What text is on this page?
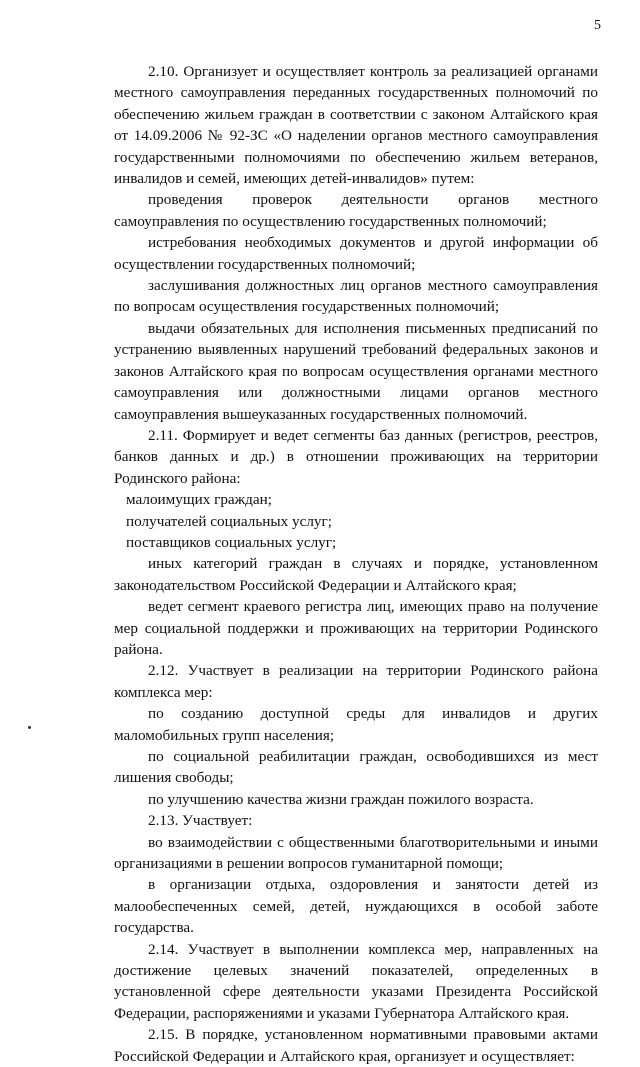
5

2.10. Организует и осуществляет контроль за реализацией органами местного самоуправления переданных государственных полномочий по обеспечению жильем граждан в соответствии с законом Алтайского края от 14.09.2006 № 92-ЗС «О наделении органов местного самоуправления государственными полномочиями по обеспечению жильем ветеранов, инвалидов и семей, имеющих детей-инвалидов» путем:

проведения проверок деятельности органов местного самоуправления по осуществлению государственных полномочий;

истребования необходимых документов и другой информации об осуществлении государственных полномочий;

заслушивания должностных лиц органов местного самоуправления по вопросам осуществления государственных полномочий;

выдачи обязательных для исполнения письменных предписаний по устранению выявленных нарушений требований федеральных законов и законов Алтайского края по вопросам осуществления органами местного самоуправления или должностными лицами органов местного самоуправления вышеуказанных государственных полномочий.

2.11. Формирует и ведет сегменты баз данных (регистров, реестров, банков данных и др.) в отношении проживающих на территории Родинского района:

малоимущих граждан;

получателей социальных услуг;

поставщиков социальных услуг;

иных категорий граждан в случаях и порядке, установленном законодательством Российской Федерации и Алтайского края;

ведет сегмент краевого регистра лиц, имеющих право на получение мер социальной поддержки и проживающих на территории Родинского района.

2.12. Участвует в реализации на территории Родинского района комплекса мер:

по созданию доступной среды для инвалидов и других маломобильных групп населения;

по социальной реабилитации граждан, освободившихся из мест лишения свободы;

по улучшению качества жизни граждан пожилого возраста.

2.13. Участвует:

во взаимодействии с общественными благотворительными и иными организациями в решении вопросов гуманитарной помощи;

в организации отдыха, оздоровления и занятости детей из малообеспеченных семей, детей, нуждающихся в особой заботе государства.

2.14. Участвует в выполнении комплекса мер, направленных на достижение целевых значений показателей, определенных в установленной сфере деятельности указами Президента Российской Федерации, распоряжениями и указами Губернатора Алтайского края.

2.15. В порядке, установленном нормативными правовыми актами Российской Федерации и Алтайского края, организует и осуществляет:
